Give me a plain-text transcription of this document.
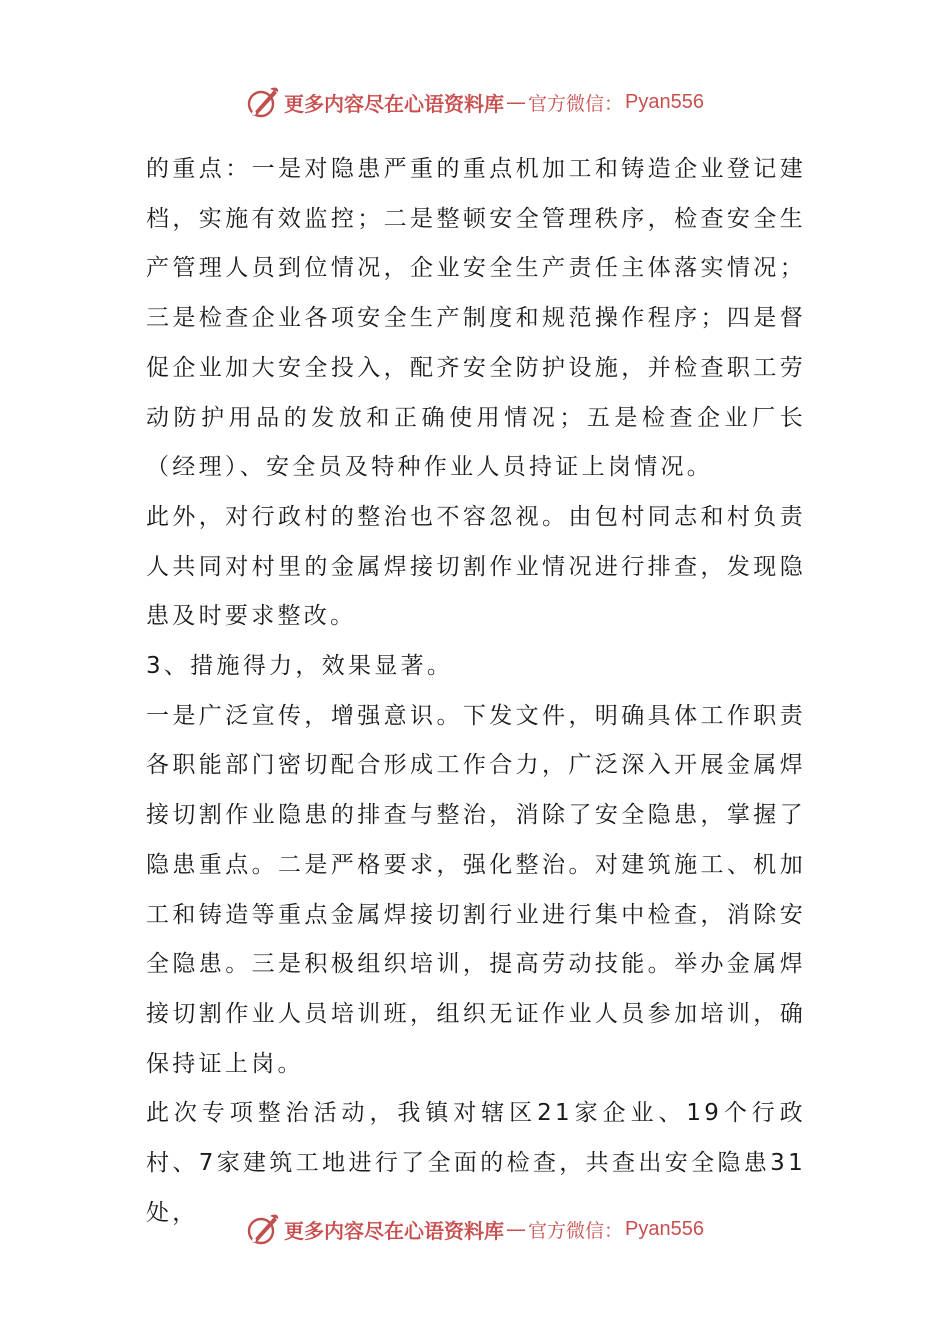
更多内容尽在心语资料库 — 官方微信： Pyan556

的重点：一是对隐患严重的重点机加工和铸造企业登记建档，实施有效监控；二是整顿安全管理秩序，检查安全生产管理人员到位情况，企业安全生产责任主体落实情况；三是检查企业各项安全生产制度和规范操作程序；四是督促企业加大安全投入，配齐安全防护设施，并检查职工劳动防护用品的发放和正确使用情况；五是检查企业厂长（经理）、安全员及特种作业人员持证上岗情况。

此外，对行政村的整治也不容忽视。由包村同志和村负责人共同对村里的金属焊接切割作业情况进行排查，发现隐患及时要求整改。

3、措施得力，效果显著。

一是广泛宣传，增强意识。下发文件，明确具体工作职责各职能部门密切配合形成工作合力，广泛深入开展金属焊接切割作业隐患的排查与整治，消除了安全隐患，掌握了隐患重点。二是严格要求，强化整治。对建筑施工、机加工和铸造等重点金属焊接切割行业进行集中检查，消除安全隐患。三是积极组织培训，提高劳动技能。举办金属焊接切割作业人员培训班，组织无证作业人员参加培训，确保持证上岗。

此次专项整治活动，我镇对辖区21家企业、19个行政村、7家建筑工地进行了全面的检查，共查出安全隐患31处，

更多内容尽在心语资料库 — 官方微信： Pyan556
